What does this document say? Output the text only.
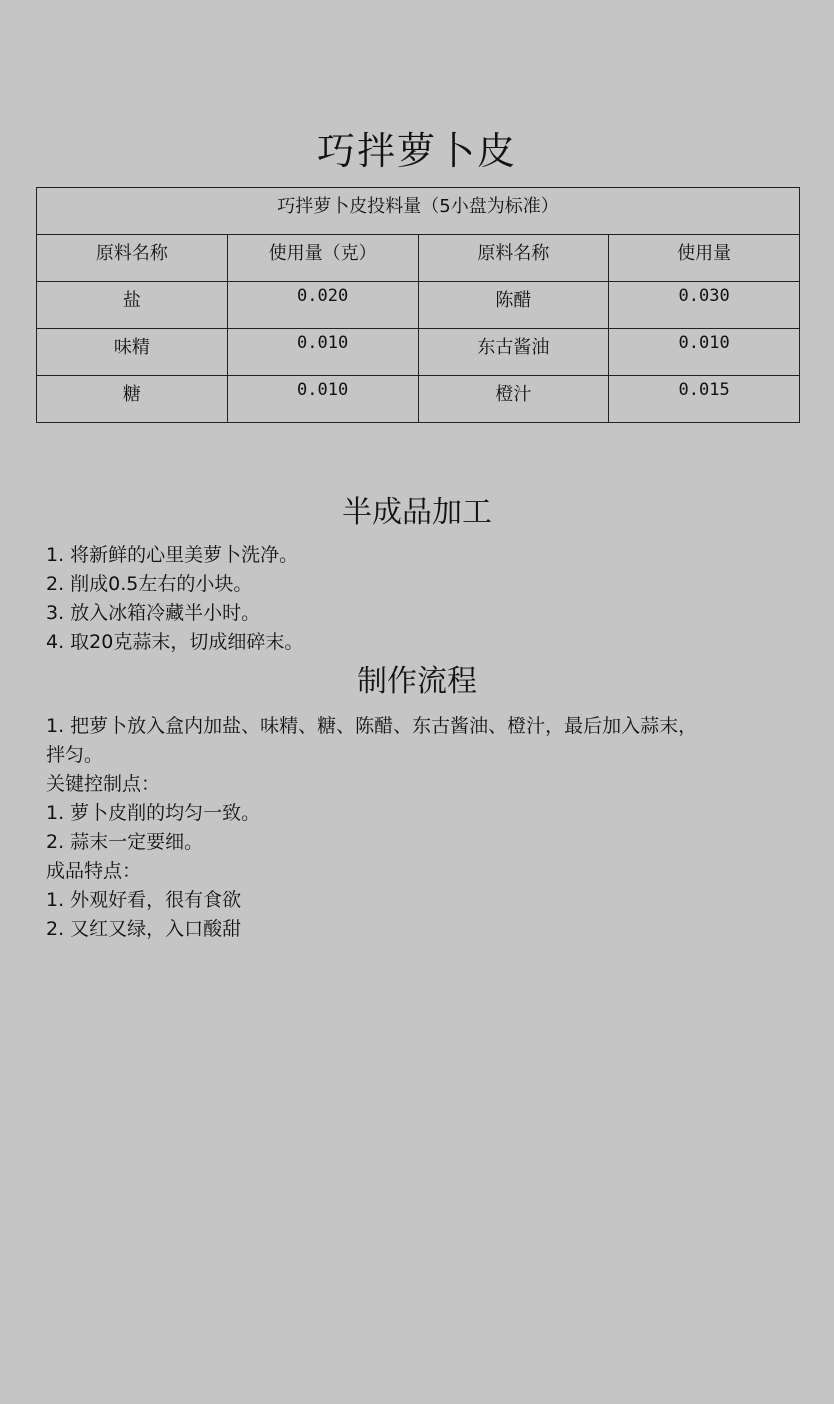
巧拌萝卜皮
巧拌萝卜皮投料量（5小盘为标准）			
原料名称	使用量（克）	原料名称	使用量
盐	0.020	陈醋	0.030
味精	0.010	东古酱油	0.010
糖	0.010	橙汁	0.015
半成品加工
1. 将新鲜的心里美萝卜洗净。
2. 削成0.5左右的小块。
3. 放入冰箱冷藏半小时。
4. 取20克蒜末，切成细碎末。
制作流程
1. 把萝卜放入盒内加盐、味精、糖、陈醋、东古酱油、橙汁，最后加入蒜末，
拌匀。
关键控制点：
1. 萝卜皮削的均匀一致。
2. 蒜末一定要细。
成品特点：
1. 外观好看，很有食欲
2. 又红又绿，入口酸甜
